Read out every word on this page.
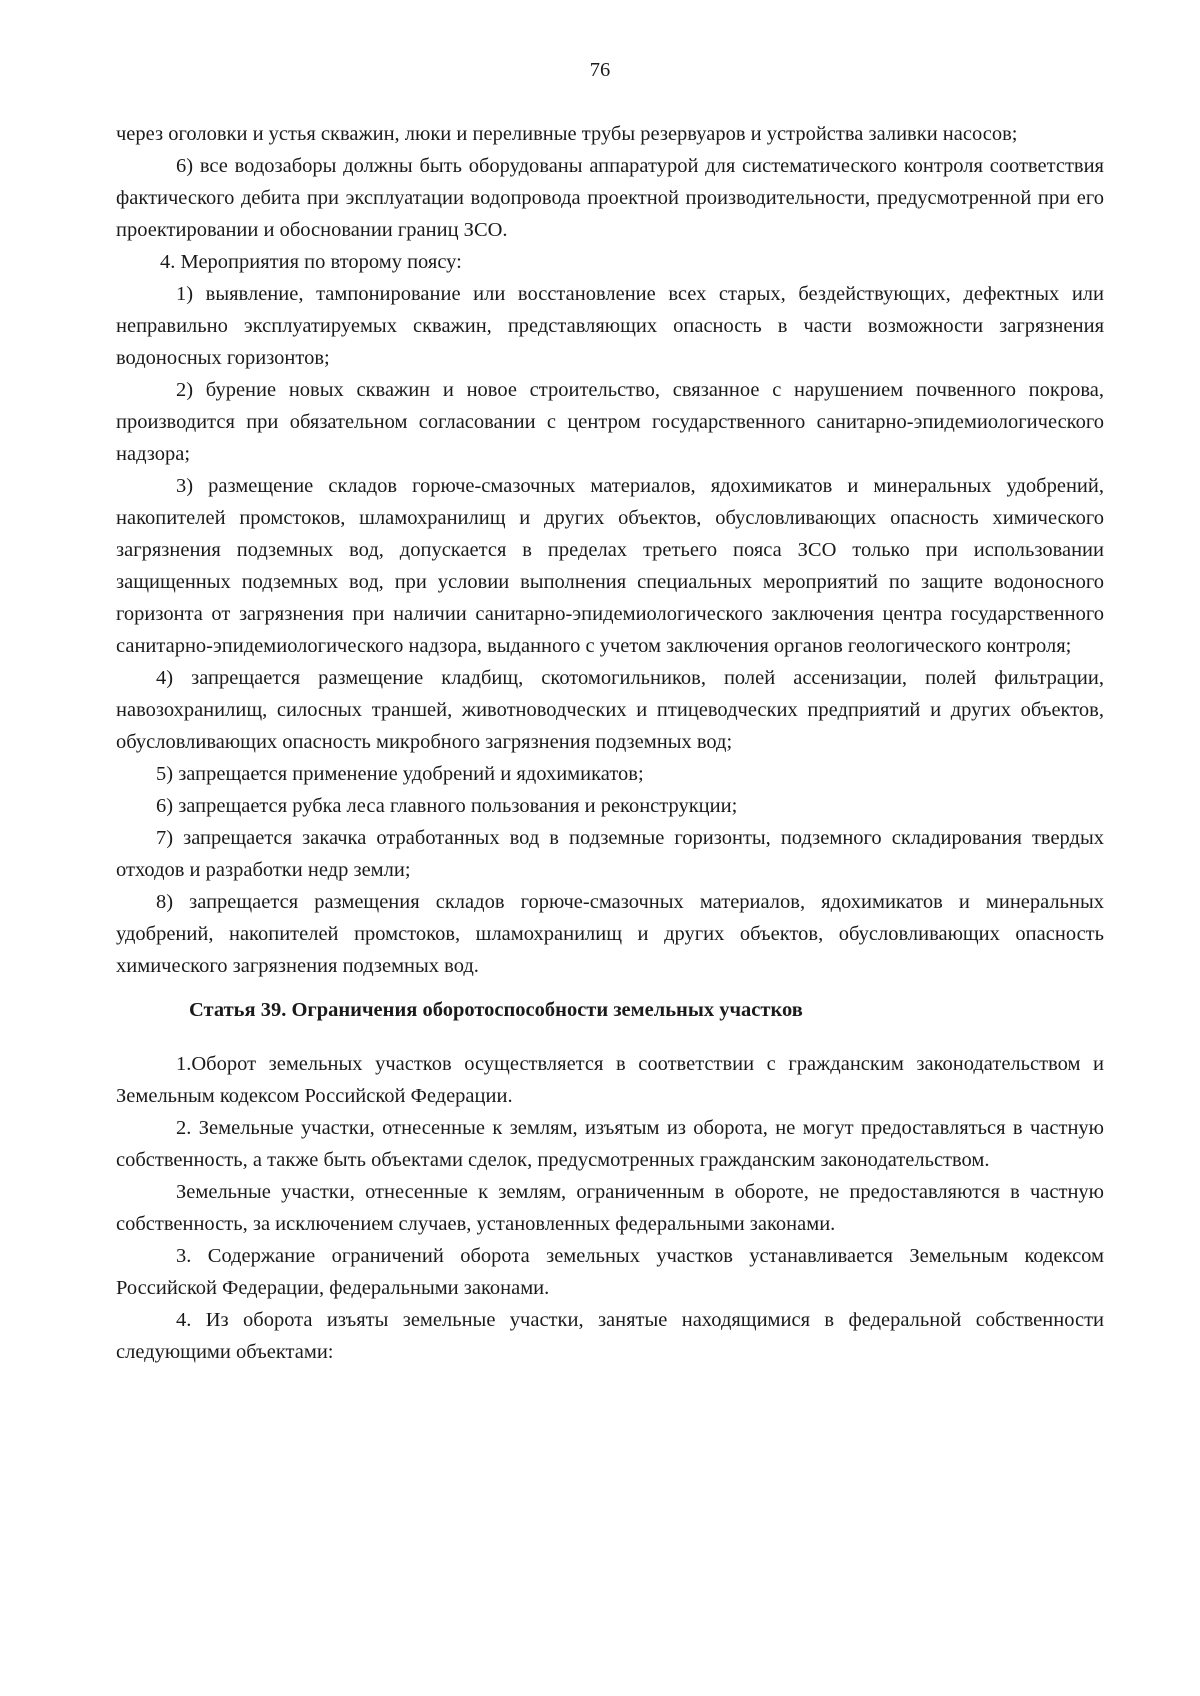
76

через оголовки и устья скважин, люки и переливные трубы резервуаров и устройства заливки насосов;

6) все водозаборы должны быть оборудованы аппаратурой для систематического контроля соответствия фактического дебита при эксплуатации водопровода проектной производительности, предусмотренной при его проектировании и обосновании границ ЗСО.

4. Мероприятия по второму поясу:

1) выявление, тампонирование или восстановление всех старых, бездействующих, дефектных или неправильно эксплуатируемых скважин, представляющих опасность в части возможности загрязнения водоносных горизонтов;

2) бурение новых скважин и новое строительство, связанное с нарушением почвенного покрова, производится при обязательном согласовании с центром государственного санитарно-эпидемиологического надзора;

3) размещение складов горюче-смазочных материалов, ядохимикатов и минеральных удобрений, накопителей промстоков, шламохранилищ и других объектов, обусловливающих опасность химического загрязнения подземных вод, допускается в пределах третьего пояса ЗСО только при использовании защищенных подземных вод, при условии выполнения специальных мероприятий по защите водоносного горизонта от загрязнения при наличии санитарно-эпидемиологического заключения центра государственного санитарно-эпидемиологического надзора, выданного с учетом заключения органов геологического контроля;

4) запрещается размещение кладбищ, скотомогильников, полей ассенизации, полей фильтрации, навозохранилищ, силосных траншей, животноводческих и птицеводческих предприятий и других объектов, обусловливающих опасность микробного загрязнения подземных вод;

5) запрещается применение удобрений и ядохимикатов;

6) запрещается рубка леса главного пользования и реконструкции;

7) запрещается закачка отработанных вод в подземные горизонты, подземного складирования твердых отходов и разработки недр земли;

8) запрещается размещения складов горюче-смазочных материалов, ядохимикатов и минеральных удобрений, накопителей промстоков, шламохранилищ и других объектов, обусловливающих опасность химического загрязнения подземных вод.

Статья 39. Ограничения оборотоспособности земельных участков

1.Оборот земельных участков осуществляется в соответствии с гражданским законодательством и Земельным кодексом Российской Федерации.

2. Земельные участки, отнесенные к землям, изъятым из оборота, не могут предоставляться в частную собственность, а также быть объектами сделок, предусмотренных гражданским законодательством.

Земельные участки, отнесенные к землям, ограниченным в обороте, не предоставляются в частную собственность, за исключением случаев, установленных федеральными законами.

3. Содержание ограничений оборота земельных участков устанавливается Земельным кодексом Российской Федерации, федеральными законами.

4. Из оборота изъяты земельные участки, занятые находящимися в федеральной собственности следующими объектами:
